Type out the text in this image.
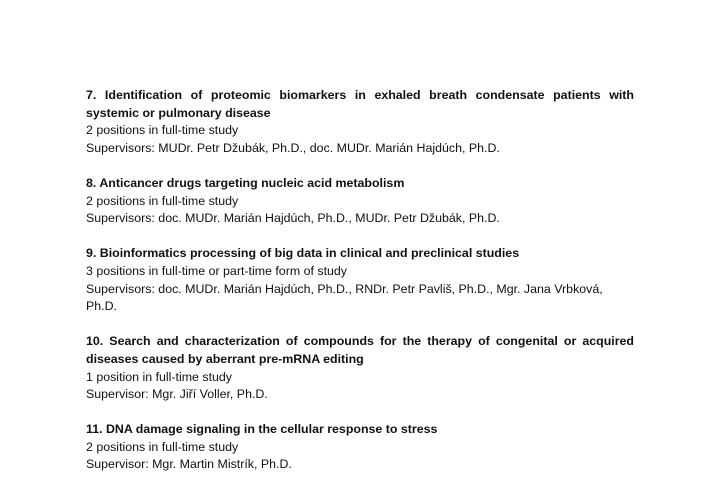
7. Identification of proteomic biomarkers in exhaled breath condensate patients with systemic or pulmonary disease

2 positions in full-time study

Supervisors: MUDr. Petr Džubák, Ph.D., doc. MUDr. Marián Hajdúch, Ph.D.

8. Anticancer drugs targeting nucleic acid metabolism

2 positions in full-time study

Supervisors: doc. MUDr. Marián Hajdúch, Ph.D., MUDr. Petr Džubák, Ph.D.

9. Bioinformatics processing of big data in clinical and preclinical studies

3 positions in full-time or part-time form of study

Supervisors: doc. MUDr. Marián Hajdúch, Ph.D., RNDr. Petr Pavliš, Ph.D., Mgr. Jana Vrbková, Ph.D.

10. Search and characterization of compounds for the therapy of congenital or acquired diseases caused by aberrant pre-mRNA editing

1 position in full-time study

Supervisor: Mgr. Jiří Voller, Ph.D.

11. DNA damage signaling in the cellular response to stress

2 positions in full-time study

Supervisor: Mgr. Martin Mistrík, Ph.D.
